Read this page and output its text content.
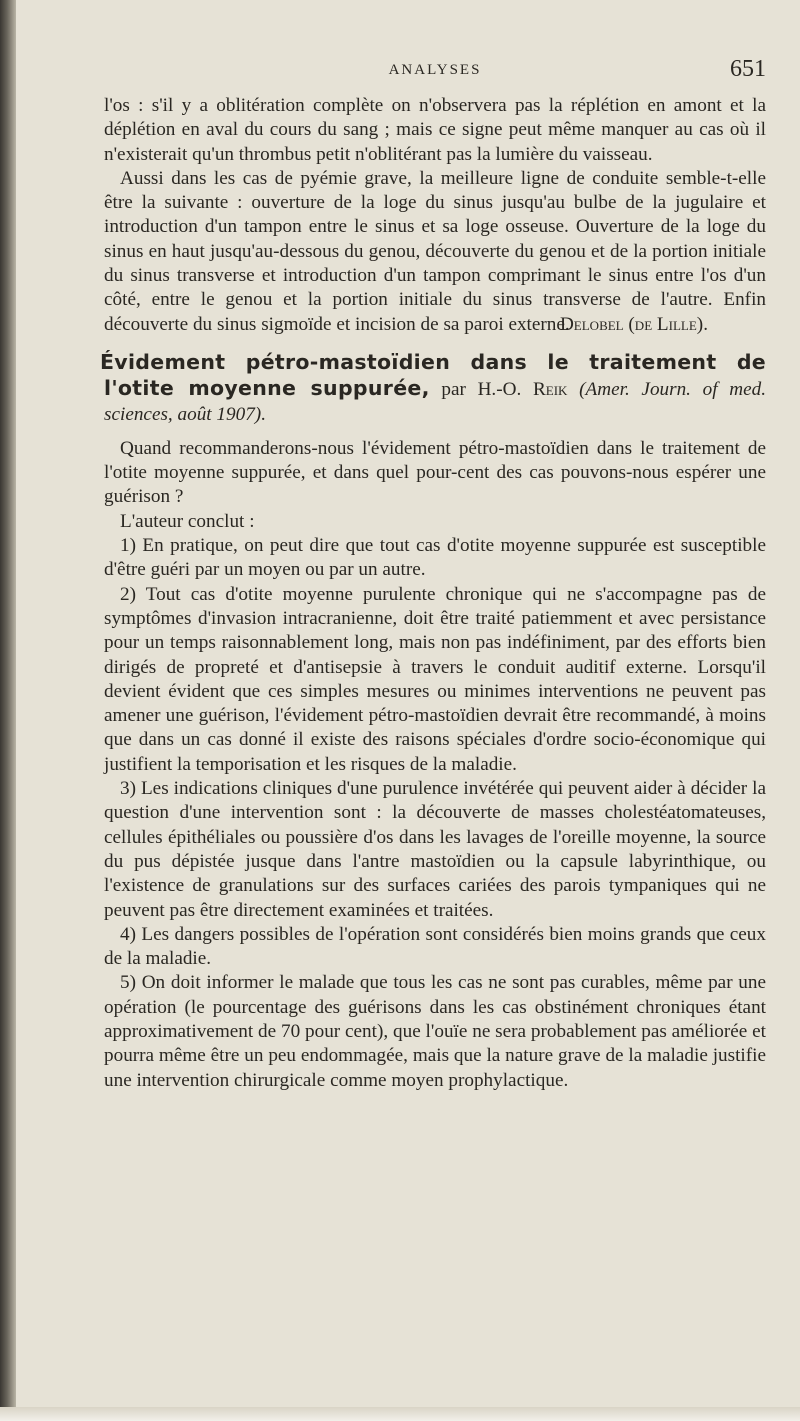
ANALYSES	651

l'os : s'il y a oblitération complète on n'observera pas la réplétion en amont et la déplétion en aval du cours du sang ; mais ce signe peut même manquer au cas où il n'existerait qu'un thrombus petit n'oblitérant pas la lumière du vaisseau.

Aussi dans les cas de pyémie grave, la meilleure ligne de conduite semble-t-elle être la suivante : ouverture de la loge du sinus jusqu'au bulbe de la jugulaire et introduction d'un tampon entre le sinus et sa loge osseuse. Ouverture de la loge du sinus en haut jusqu'au-dessous du genou, découverte du genou et de la portion initiale du sinus transverse et introduction d'un tampon comprimant le sinus entre l'os d'un côté, entre le genou et la portion initiale du sinus transverse de l'autre. Enfin découverte du sinus sigmoïde et incision de sa paroi externe.

Delobel (de Lille).

Évidement pétro-mastoïdien dans le traitement de l'otite moyenne suppurée, par H.-O. Reik (Amer. Journ. of med. sciences, août 1907).

Quand recommanderons-nous l'évidement pétro-mastoïdien dans le traitement de l'otite moyenne suppurée, et dans quel pour-cent des cas pouvons-nous espérer une guérison ?

L'auteur conclut :

1) En pratique, on peut dire que tout cas d'otite moyenne suppurée est susceptible d'être guéri par un moyen ou par un autre.

2) Tout cas d'otite moyenne purulente chronique qui ne s'accompagne pas de symptômes d'invasion intracranienne, doit être traité patiemment et avec persistance pour un temps raisonnablement long, mais non pas indéfiniment, par des efforts bien dirigés de propreté et d'antisepsie à travers le conduit auditif externe. Lorsqu'il devient évident que ces simples mesures ou minimes interventions ne peuvent pas amener une guérison, l'évidement pétro-mastoïdien devrait être recommandé, à moins que dans un cas donné il existe des raisons spéciales d'ordre socio-économique qui justifient la temporisation et les risques de la maladie.

3) Les indications cliniques d'une purulence invétérée qui peuvent aider à décider la question d'une intervention sont : la découverte de masses cholestéatomateuses, cellules épithéliales ou poussière d'os dans les lavages de l'oreille moyenne, la source du pus dépistée jusque dans l'antre mastoïdien ou la capsule labyrinthique, ou l'existence de granulations sur des surfaces cariées des parois tympaniques qui ne peuvent pas être directement examinées et traitées.

4) Les dangers possibles de l'opération sont considérés bien moins grands que ceux de la maladie.

5) On doit informer le malade que tous les cas ne sont pas curables, même par une opération (le pourcentage des guérisons dans les cas obstinément chroniques étant approximativement de 70 pour cent), que l'ouïe ne sera probablement pas améliorée et pourra même être un peu endommagée, mais que la nature grave de la maladie justifie une intervention chirurgicale comme moyen prophylactique.
